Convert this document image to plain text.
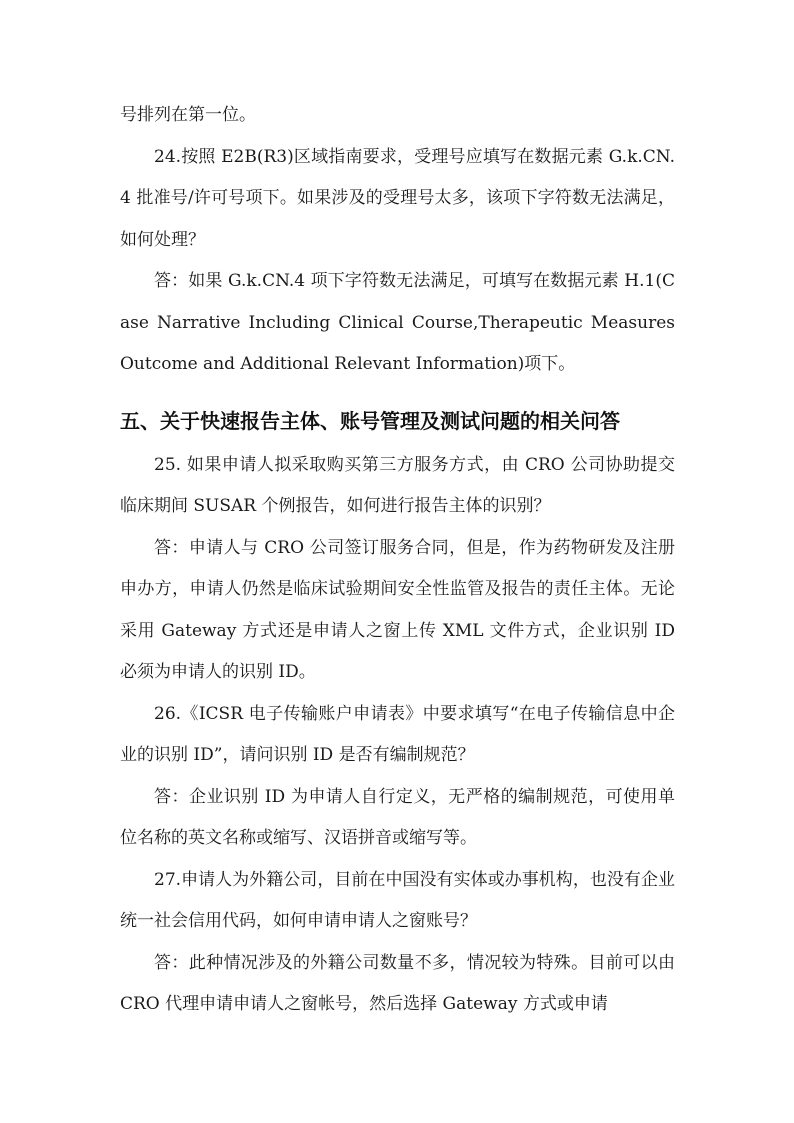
号排列在第一位。

24.按照 E2B(R3)区域指南要求，受理号应填写在数据元素 G.k.CN.4 批准号/许可号项下。如果涉及的受理号太多，该项下字符数无法满足，如何处理？

答：如果 G.k.CN.4 项下字符数无法满足，可填写在数据元素 H.1(Case Narrative Including Clinical Course,Therapeutic Measures Outcome and Additional Relevant Information)项下。

五、关于快速报告主体、账号管理及测试问题的相关问答

25. 如果申请人拟采取购买第三方服务方式，由 CRO 公司协助提交临床期间 SUSAR 个例报告，如何进行报告主体的识别？

答：申请人与 CRO 公司签订服务合同，但是，作为药物研发及注册申办方，申请人仍然是临床试验期间安全性监管及报告的责任主体。无论采用 Gateway 方式还是申请人之窗上传 XML 文件方式，企业识别 ID 必须为申请人的识别 ID。

26.《ICSR 电子传输账户申请表》中要求填写“在电子传输信息中企业的识别 ID”，请问识别 ID 是否有编制规范？

答：企业识别 ID 为申请人自行定义，无严格的编制规范，可使用单位名称的英文名称或缩写、汉语拼音或缩写等。

27.申请人为外籍公司，目前在中国没有实体或办事机构，也没有企业统一社会信用代码，如何申请申请人之窗账号？

答：此种情况涉及的外籍公司数量不多，情况较为特殊。目前可以由 CRO 代理申请申请人之窗帐号，然后选择 Gateway 方式或申请
